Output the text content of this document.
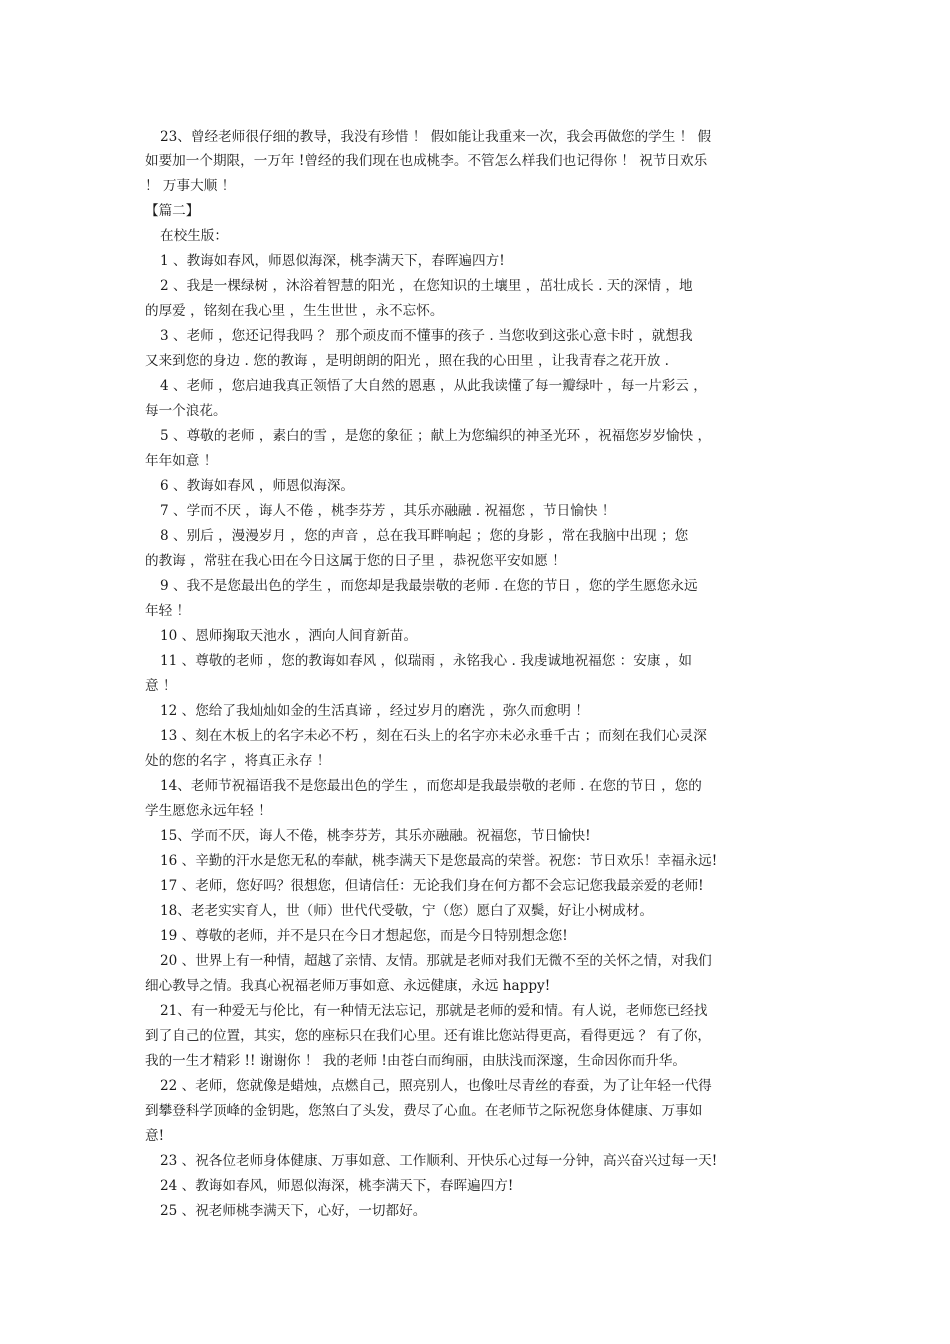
23、曾经老师很仔细的教导，我没有珍惜 ！ 假如能让我重来一次，我会再做您的学生 ！ 假
如要加一个期限，一万年 !曾经的我们现在也成桃李。不管怎么样我们也记得你 ！ 祝节日欢乐
！ 万事大顺 ！
【篇二】
在校生版：
1 、教诲如春风，师恩似海深，桃李满天下，春晖遍四方!
2 、我是一棵绿树 ，沐浴着智慧的阳光 ，在您知识的土壤里 ，茁壮成长 . 天的深情 ，地
的厚爱 ，铭刻在我心里 ，生生世世 ，永不忘怀。
3 、老师 ，您还记得我吗 ？ 那个顽皮而不懂事的孩子 . 当您收到这张心意卡时 ，就想我
又来到您的身边 . 您的教诲 ，是明朗朗的阳光 ，照在我的心田里 ，让我青春之花开放 .
4 、老师 ，您启迪我真正领悟了大自然的恩惠 ，从此我读懂了每一瓣绿叶 ，每一片彩云 ，
每一个浪花。
5 、尊敬的老师 ，素白的雪 ，是您的象征 ；献上为您编织的神圣光环 ，祝福您岁岁愉快 ，
年年如意 ！
6 、教诲如春风 ，师恩似海深。
7 、学而不厌 ，诲人不倦 ，桃李芬芳 ，其乐亦融融 . 祝福您 ，节日愉快 ！
8 、别后 ，漫漫岁月 ，您的声音 ，总在我耳畔响起 ；您的身影 ，常在我脑中出现 ；您
的教诲 ，常驻在我心田在今日这属于您的日子里 ，恭祝您平安如愿 ！
9 、我不是您最出色的学生 ，而您却是我最崇敬的老师 . 在您的节日 ，您的学生愿您永远
年轻 ！
10 、恩师掬取天池水 ，洒向人间育新苗。
11 、尊敬的老师 ，您的教诲如春风 ，似瑞雨 ，永铭我心 . 我虔诚地祝福您 ：安康 ，如
意 ！
12 、您给了我灿灿如金的生活真谛 ，经过岁月的磨洗 ，弥久而愈明 ！
13 、刻在木板上的名字未必不朽 ，刻在石头上的名字亦未必永垂千古 ；而刻在我们心灵深
处的您的名字 ，将真正永存 ！
14、老师节祝福语我不是您最出色的学生 ，而您却是我最崇敬的老师 . 在您的节日 ，您的
学生愿您永远年轻 ！
15、学而不厌，诲人不倦，桃李芬芳，其乐亦融融。祝福您，节日愉快!
16 、辛勤的汗水是您无私的奉献，桃李满天下是您最高的荣誉。祝您：节日欢乐！幸福永远!
17 、老师，您好吗？很想您，但请信任：无论我们身在何方都不会忘记您我最亲爱的老师!
18、老老实实育人，世（师）世代代受敬，宁（您）愿白了双鬓，好让小树成材。
19 、尊敬的老师，并不是只在今日才想起您，而是今日特别想念您!
20 、世界上有一种情，超越了亲情、友情。那就是老师对我们无微不至的关怀之情，对我们
细心教导之情。我真心祝福老师万事如意、永远健康，永远 happy!
21、有一种爱无与伦比，有一种情无法忘记，那就是老师的爱和情。有人说，老师您已经找
到了自己的位置，其实，您的座标只在我们心里。还有谁比您站得更高，看得更远 ？ 有了你，
我的一生才精彩 !! 谢谢你 ！ 我的老师 !由苍白而绚丽，由肤浅而深邃，生命因你而升华。
22 、老师，您就像是蜡烛，点燃自己，照亮别人，也像吐尽青丝的春蚕，为了让年轻一代得
到攀登科学顶峰的金钥匙，您煞白了头发，费尽了心血。在老师节之际祝您身体健康、万事如
意!
23 、祝各位老师身体健康、万事如意、工作顺利、开快乐心过每一分钟，高兴奋兴过每一天!
24 、教诲如春风，师恩似海深，桃李满天下，春晖遍四方!
25 、祝老师桃李满天下，心好，一切都好。
